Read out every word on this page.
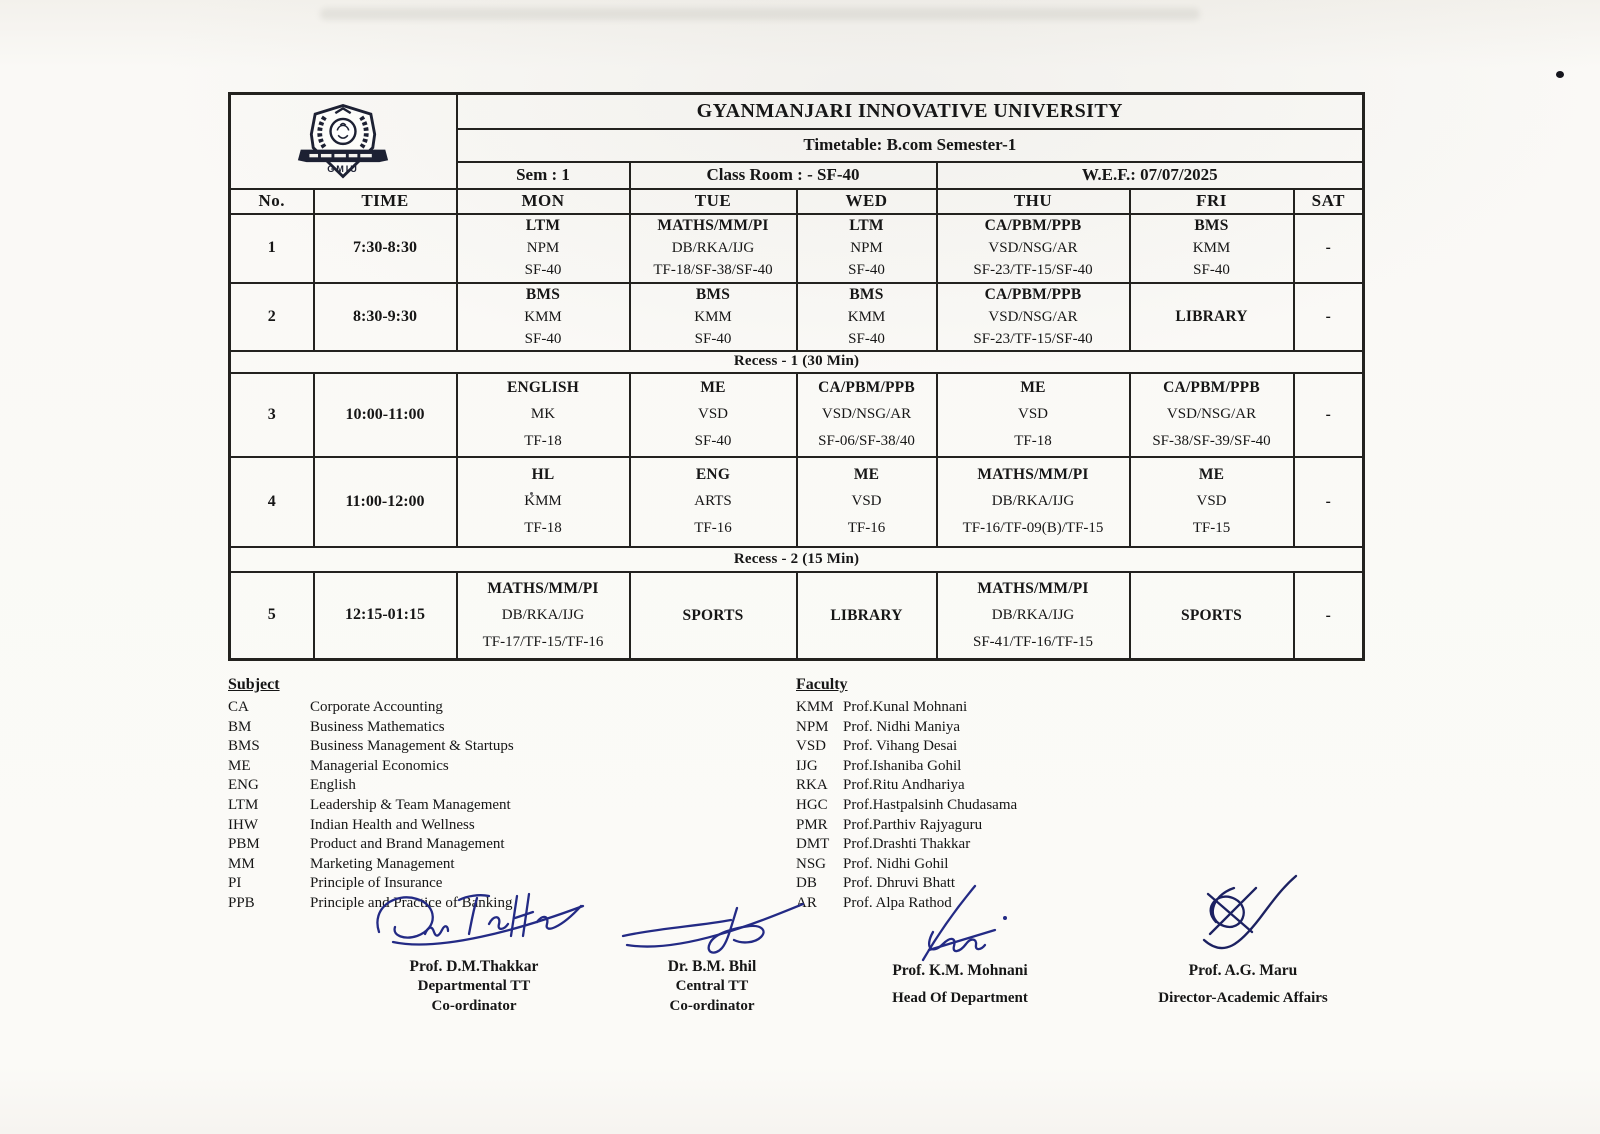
GMIU		GYANMANJARI INNOVATIVE UNIVERSITY					
		Timetable: B.com Semester-1					
		Sem : 1	Class Room : - SF-40		W.E.F.: 07/07/2025		
No.	TIME	MON	TUE	WED	THU	FRI	SAT
1	7:30-8:30	LTM
NPM
SF-40	MATHS/MM/PI
DB/RKA/IJG
TF-18/SF-38/SF-40	LTM
NPM
SF-40	CA/PBM/PPB
VSD/NSG/AR
SF-23/TF-15/SF-40	BMS
KMM
SF-40	-

2	8:30-9:30	BMS
KMM
SF-40	BMS
KMM
SF-40	BMS
KMM
SF-40	CA/PBM/PPB
VSD/NSG/AR
SF-23/TF-15/SF-40	LIBRARY	-

Recess - 1 (30 Min)							
3	10:00-11:00	ENGLISH
MK
TF-18	ME
VSD
SF-40	CA/PBM/PPB
VSD/NSG/AR
SF-06/SF-38/40	ME
VSD
TF-18	CA/PBM/PPB
VSD/NSG/AR
SF-38/SF-39/SF-40	-

4	11:00-12:00	HL
KMM
TF-18	ENG
ARTS
TF-16	ME
VSD
TF-16	MATHS/MM/PI
DB/RKA/IJG
TF-16/TF-09(B)/TF-15	ME
VSD
TF-15	-

Recess - 2 (15 Min)							
5	12:15-01:15	MATHS/MM/PI
DB/RKA/IJG
TF-17/TF-15/TF-16	SPORTS	LIBRARY	MATHS/MM/PI
DB/RKA/IJG
SF-41/TF-16/TF-15	SPORTS	-
Subject
CA	Corporate Accounting
BM	Business Mathematics
BMS	Business Management & Startups
ME	Managerial Economics
ENG	English
LTM	Leadership & Team Management
IHW	Indian Health and Wellness
PBM	Product and Brand Management
MM	Marketing Management
PI	Principle of Insurance
PPB	Principle and Practice of Banking
Faculty
KMM Prof.Kunal Mohnani
NPM Prof. Nidhi Maniya
VSD	Prof. Vihang Desai
IJG	Prof.Ishaniba Gohil
RKA	Prof.Ritu Andhariya
HGC	Prof.Hastpalsinh Chudasama
PMR	Prof.Parthiv Rajyaguru
DMT Prof.Drashti Thakkar
NSG	Prof. Nidhi Gohil
DB	Prof. Dhruvi Bhatt
AR	Prof. Alpa Rathod
Prof. D.M.Thakkar
Departmental TT
Co-ordinator
Dr. B.M. Bhil
Central TT
Co-ordinator
Prof. K.M. Mohnani
Head Of Department
Prof. A.G. Maru
Director-Academic Affairs
